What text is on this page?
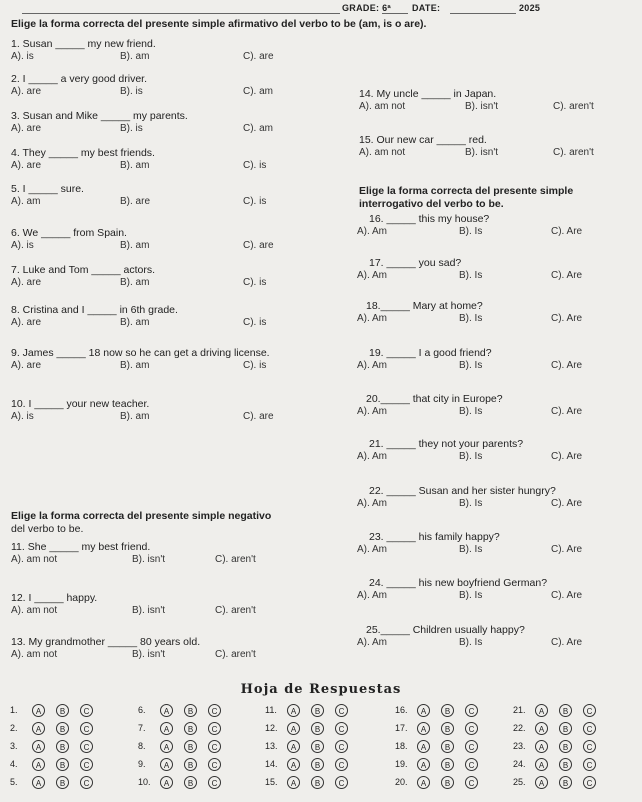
GRADE: 6ª DATE:	2025
Elige la forma correcta del presente simple afirmativo del verbo to be (am, is o are).
1. Susan _____ my new friend.
A). is	B). am	C). are
2. I _____ a very good driver.
A). are	B). is	C). am
3. Susan and Mike _____ my parents.
A). are	B). is	C). am
4. They _____ my best friends.
A). are	B). am	C). is
5. I _____ sure.
A). am	B). are	C). is
6. We _____ from Spain.
A). is	B). am	C). are
7. Luke and Tom _____ actors.
A). are	B). am	C). is
8. Cristina and I _____ in 6th grade.
A). are	B). am	C). is
9. James _____ 18 now so he can get a driving license.
A). are	B). am	C). is
10. I _____ your new teacher.
A). is	B). am	C). are
11. She _____ my best friend.
A). am not	B). isn't	C). aren't
12. I _____ happy.
A). am not	B). isn't	C). aren't
13. My grandmother _____ 80 years old.
A). am not	B). isn't	C). aren't
14. My uncle _____ in Japan.
A). am not	B). isn't	C). aren't
15. Our new car _____ red.
A). am not	B). isn't	C). aren't
16. _____ this my house?
A). Am	B). Is	C). Are
17. _____ you sad?
A). Am	B). Is	C). Are
18._____ Mary at home?
A). Am	B). Is	C). Are
19. _____ I a good friend?
A). Am	B). Is	C). Are
20._____ that city in Europe?
A). Am	B). Is	C). Are
21. _____ they not your parents?
A). Am	B). Is	C). Are
22. _____ Susan and her sister hungry?
A). Am	B). Is	C). Are
23. _____ his family happy?
A). Am	B). Is	C). Are
24. _____ his new boyfriend German?
A). Am	B). Is	C). Are
25._____ Children usually happy?
A). Am	B). Is	C). Are
Elige la forma correcta del presente simple negativo
del verbo to be.
Elige la forma correcta del presente simple
interrogativo del verbo to be.
Hoja de Respuestas
1.	A	B	C
2.	A	B	C
3.	A	B	C
4.	A	B	C
5.	A	B	C
6.	A	B	C
7.	A	B	C
8.	A	B	C
9.	A	B	C
10.	A	B	C
11.	A	B	C
12.	A	B	C
13.	A	B	C
14.	A	B	C
15.	A	B	C
16.	A	B	C
17.	A	B	C
18.	A	B	C
19.	A	B	C
20.	A	B	C
21.	A	B	C
22.	A	B	C
23.	A	B	C
24.	A	B	C
25.	A	B	C
